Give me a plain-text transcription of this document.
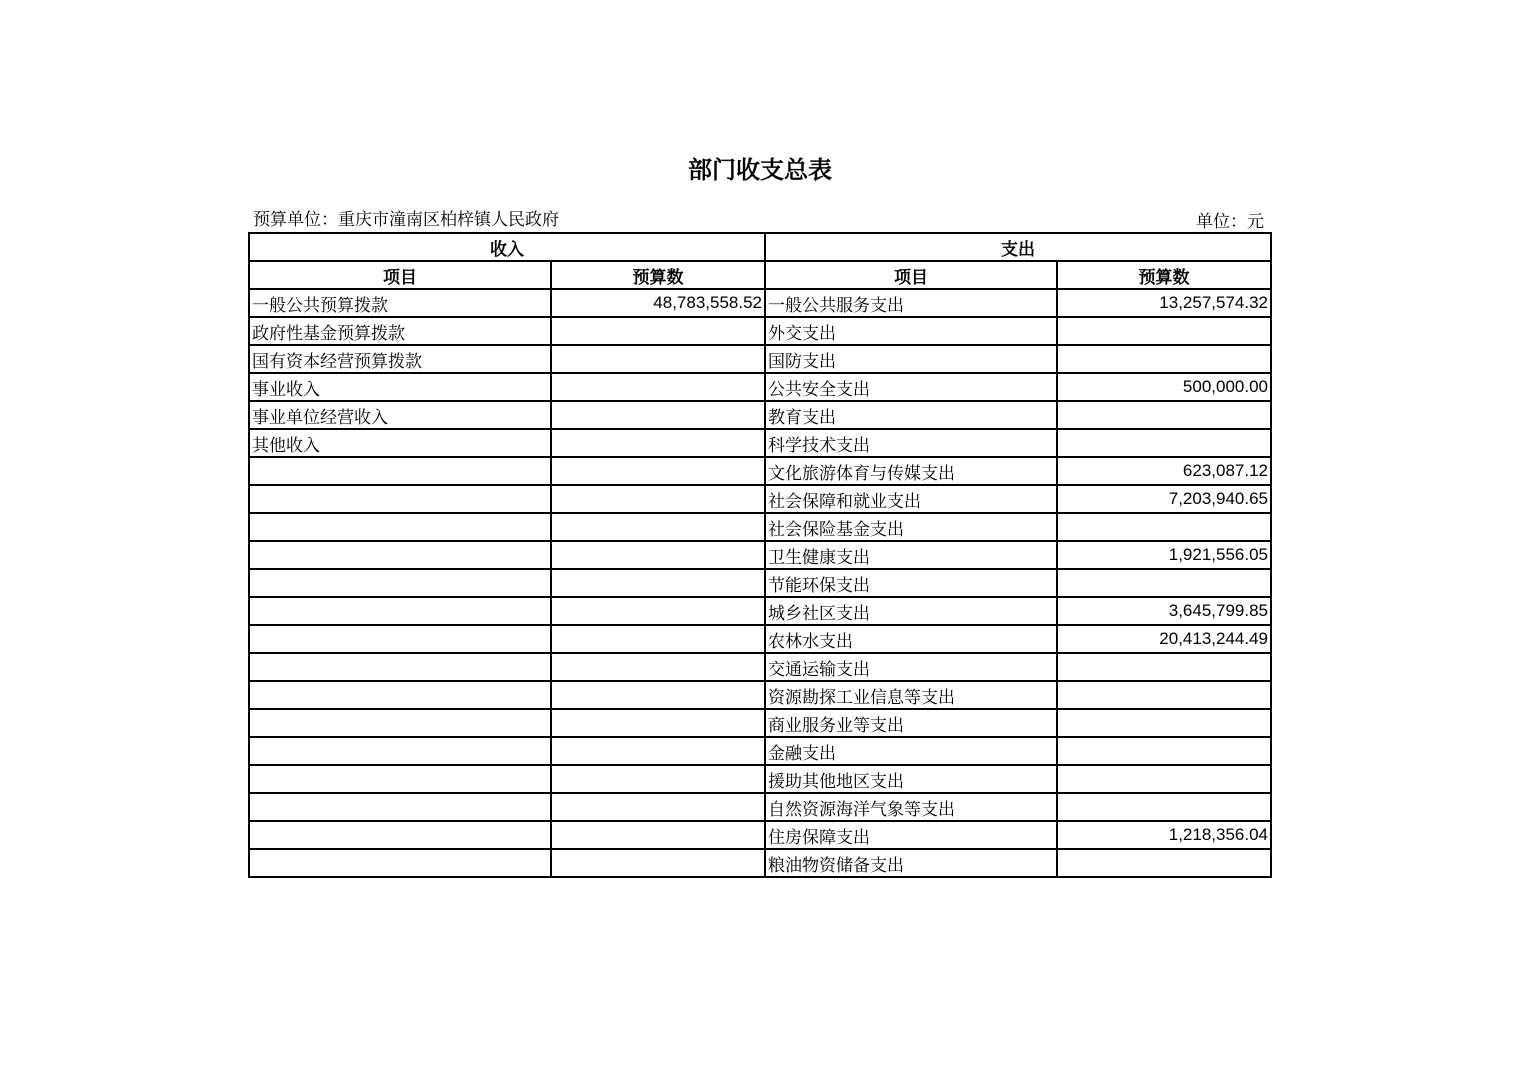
部门收支总表
预算单位：重庆市潼南区柏梓镇人民政府	单位：元
收入		支出	
项目	预算数	项目	预算数
一般公共预算拨款	48,783,558.52	一般公共服务支出	13,257,574.32
政府性基金预算拨款		外交支出	
国有资本经营预算拨款		国防支出	
事业收入		公共安全支出	500,000.00
事业单位经营收入		教育支出	
其他收入		科学技术支出	
		文化旅游体育与传媒支出	623,087.12
		社会保障和就业支出	7,203,940.65
		社会保险基金支出	
		卫生健康支出	1,921,556.05
		节能环保支出	
		城乡社区支出	3,645,799.85
		农林水支出	20,413,244.49
		交通运输支出	
		资源勘探工业信息等支出	
		商业服务业等支出	
		金融支出	
		援助其他地区支出	
		自然资源海洋气象等支出	
		住房保障支出	1,218,356.04
		粮油物资储备支出	
